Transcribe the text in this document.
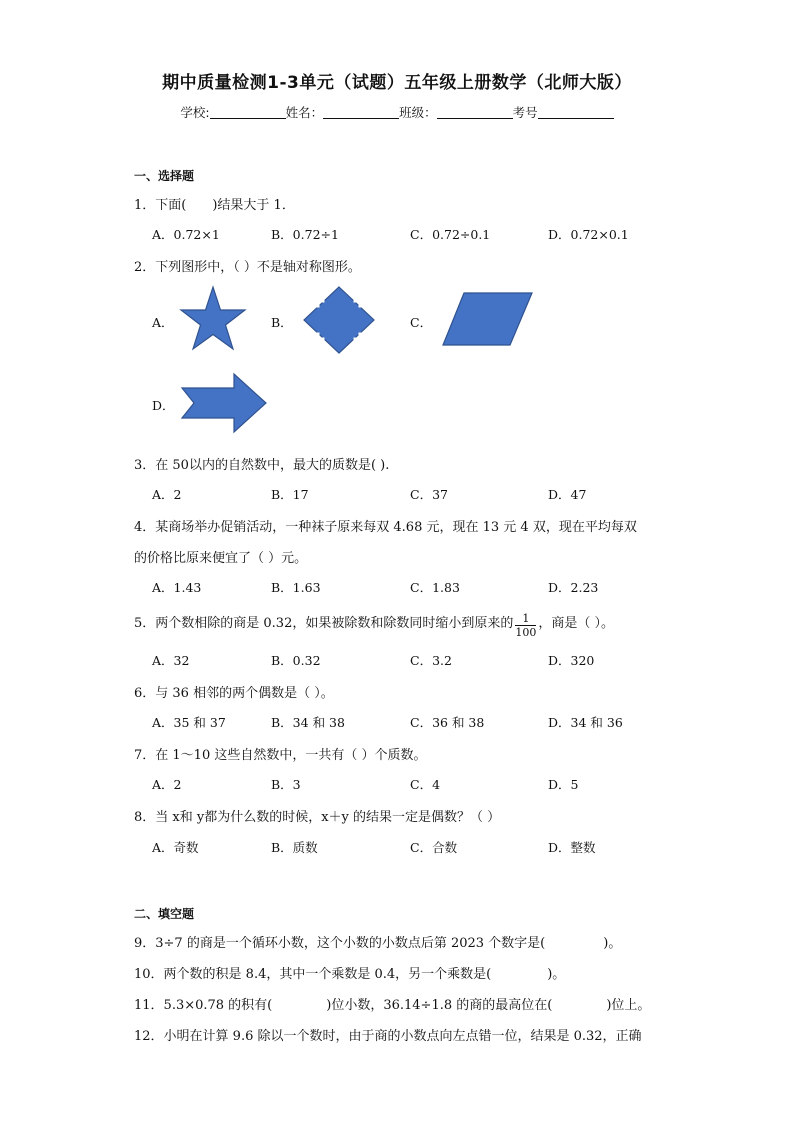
期中质量检测1-3单元（试题）五年级上册数学（北师大版）
学校:	姓名：	班级：	考号
一、选择题
1．下面( )结果大于 1．
A．0.72×1	B．0.72÷1	C．0.72÷0.1	D．0.72×0.1
2．下列图形中，（ ）不是轴对称图形。
A．	B．	C．
D．
3．在 50以内的自然数中，最大的质数是( ).
A．2	B．17	C．37	D．47
4．某商场举办促销活动，一种袜子原来每双 4.68 元，现在 13 元 4 双，现在平均每双
的价格比原来便宜了（ ）元。
A．1.43	B．1.63	C．1.83	D．2.23
5．两个数相除的商是 0.32，如果被除数和除数同时缩小到原来的 $\frac{1}{100}$ ，商是（ ）。
A．32	B．0.32	C．3.2	D．320
6．与 36 相邻的两个偶数是（ ）。
A．35 和 37	B．34 和 38	C．36 和 38	D．34 和 36
7．在 1～10 这些自然数中，一共有（ ）个质数。
A．2	B．3	C．4	D．5
8．当 x和 y都为什么数的时候，x＋y 的结果一定是偶数？（ ）
A．奇数	B．质数	C．合数	D．整数
二、填空题
9．3÷7 的商是一个循环小数，这个小数的小数点后第 2023 个数字是(	)。
10．两个数的积是 8.4，其中一个乘数是 0.4，另一个乘数是(	)。
11．5.3×0.78 的积有(	)位小数，36.14÷1.8 的商的最高位在(	)位上。
12．小明在计算 9.6 除以一个数时，由于商的小数点向左点错一位，结果是 0.32，正确
